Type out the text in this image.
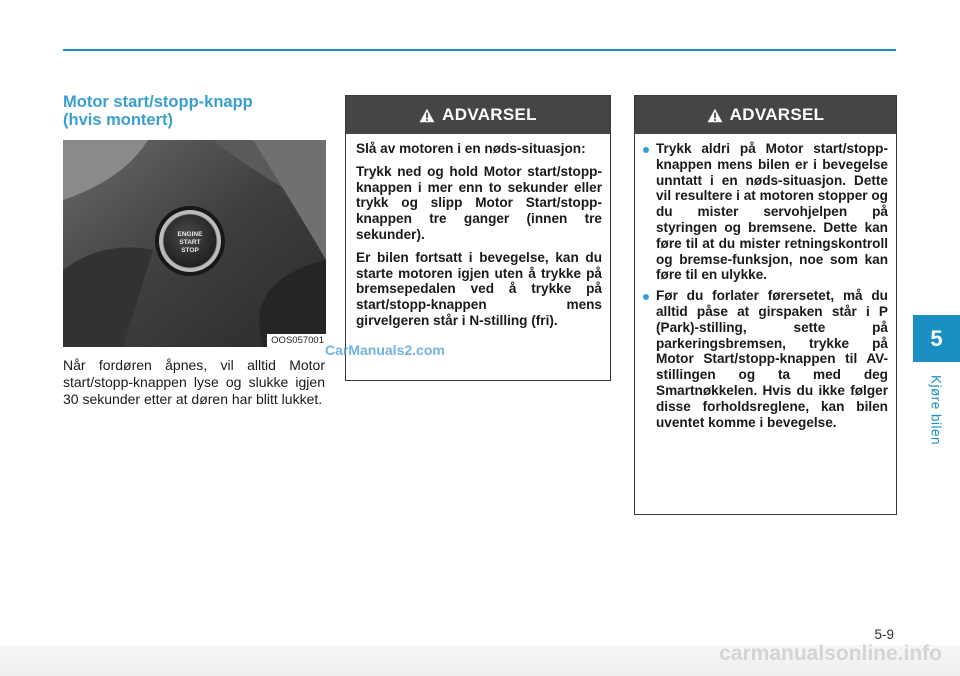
Motor start/stopp-knapp
(hvis montert)
ENGINE
START
STOP
OOS057001
Når fordøren åpnes, vil alltid Motor start/stopp-knappen lyse og slukke igjen 30 sekunder etter at døren har blitt lukket.
ADVARSEL

Slå av motoren i en nøds-situasjon:

Trykk ned og hold Motor start/stopp-knappen i mer enn to sekunder eller trykk og slipp Motor Start/stopp-knappen tre ganger (innen tre sekunder).

Er bilen fortsatt i bevegelse, kan du starte motoren igjen uten å trykke på bremsepedalen ved å trykke på start/stopp-knappen mens girvelgeren står i N-stilling (fri).

ADVARSEL
Trykk aldri på Motor start/stopp-knappen mens bilen er i bevegelse unntatt i en nøds-situasjon. Dette vil resultere i at motoren stopper og du mister servohjelpen på styringen og bremsene. Dette kan føre til at du mister retningskontroll og bremse-funksjon, noe som kan føre til en ulykke.
Før du forlater førersetet, må du alltid påse at girspaken står i P (Park)-stilling, sette på parkeringsbremsen, trykke på Motor Start/stopp-knappen til AV-stillingen og ta med deg Smartnøkkelen. Hvis du ikke følger disse forholdsreglene, kan bilen uventet komme i bevegelse.
CarManuals2.com	5
Kjøre bilen
5-9
carmanualsonline.info
